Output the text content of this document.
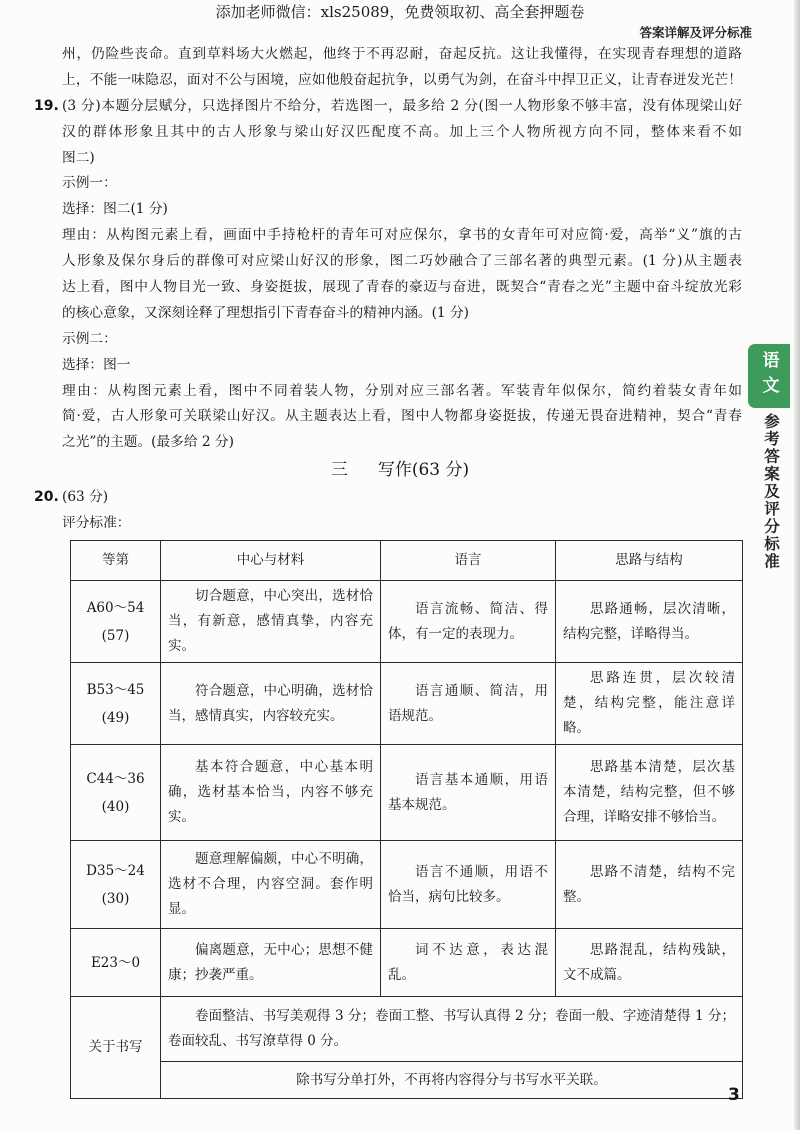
添加老师微信：xls25089，免费领取初、高全套押题卷
答案详解及评分标准
州，仍险些丧命。直到草料场大火燃起，他终于不再忍耐，奋起反抗。这让我懂得，在实现青春理想的道路
上，不能一味隐忍，面对不公与困境，应如他般奋起抗争，以勇气为剑，在奋斗中捍卫正义，让青春迸发光芒！
19. (3 分)本题分层赋分，只选择图片不给分，若选图一，最多给 2 分(图一人物形象不够丰富，没有体现梁山好
汉的群体形象且其中的古人形象与梁山好汉匹配度不高。加上三个人物所视方向不同，整体来看不如
图二)
示例一：
选择：图二(1 分)
理由：从构图元素上看，画面中手持枪杆的青年可对应保尔，拿书的女青年可对应简·爱，高举“义”旗的古
人形象及保尔身后的群像可对应梁山好汉的形象，图二巧妙融合了三部名著的典型元素。(1 分)从主题表
达上看，图中人物目光一致、身姿挺拔，展现了青春的豪迈与奋进，既契合“青春之光”主题中奋斗绽放光彩
的核心意象，又深刻诠释了理想指引下青春奋斗的精神内涵。(1 分)
示例二：
选择：图一
理由：从构图元素上看，图中不同着装人物，分别对应三部名著。军装青年似保尔，简约着装女青年如
简·爱，古人形象可关联梁山好汉。从主题表达上看，图中人物都身姿挺拔，传递无畏奋进精神，契合“青春
之光”的主题。(最多给 2 分)
三 写作(63 分)
20. (63 分)
评分标准：
等第	中心与材料	语言	思路与结构

A60～54
(57)	切合题意，中心突出，选材恰当，有新意，感情真挚，内容充实。	语言流畅、简洁、得体，有一定的表现力。	思路通畅，层次清晰，结构完整，详略得当。

B53～45
(49)	符合题意，中心明确，选材恰当，感情真实，内容较充实。	语言通顺、简洁，用语规范。	思路连贯，层次较清楚，结构完整，能注意详略。

C44～36
(40)	基本符合题意，中心基本明确，选材基本恰当，内容不够充实。	语言基本通顺，用语基本规范。	思路基本清楚，层次基本清楚，结构完整，但不够合理，详略安排不够恰当。

D35～24
(30)	题意理解偏颇，中心不明确，选材不合理，内容空洞。套作明显。	语言不通顺，用语不恰当，病句比较多。	思路不清楚，结构不完整。

E23～0	偏离题意，无中心；思想不健康；抄袭严重。	词不达意，表达混乱。	思路混乱，结构残缺，文不成篇。
关于书写	卷面整洁、书写美观得 3 分；卷面工整、书写认真得 2 分；卷面一般、字迹清楚得 1 分；卷面较乱、书写潦草得 0 分。		
	除书写分单打外，不再将内容得分与书写水平关联。		
语文
参考答案及评分标准
3
